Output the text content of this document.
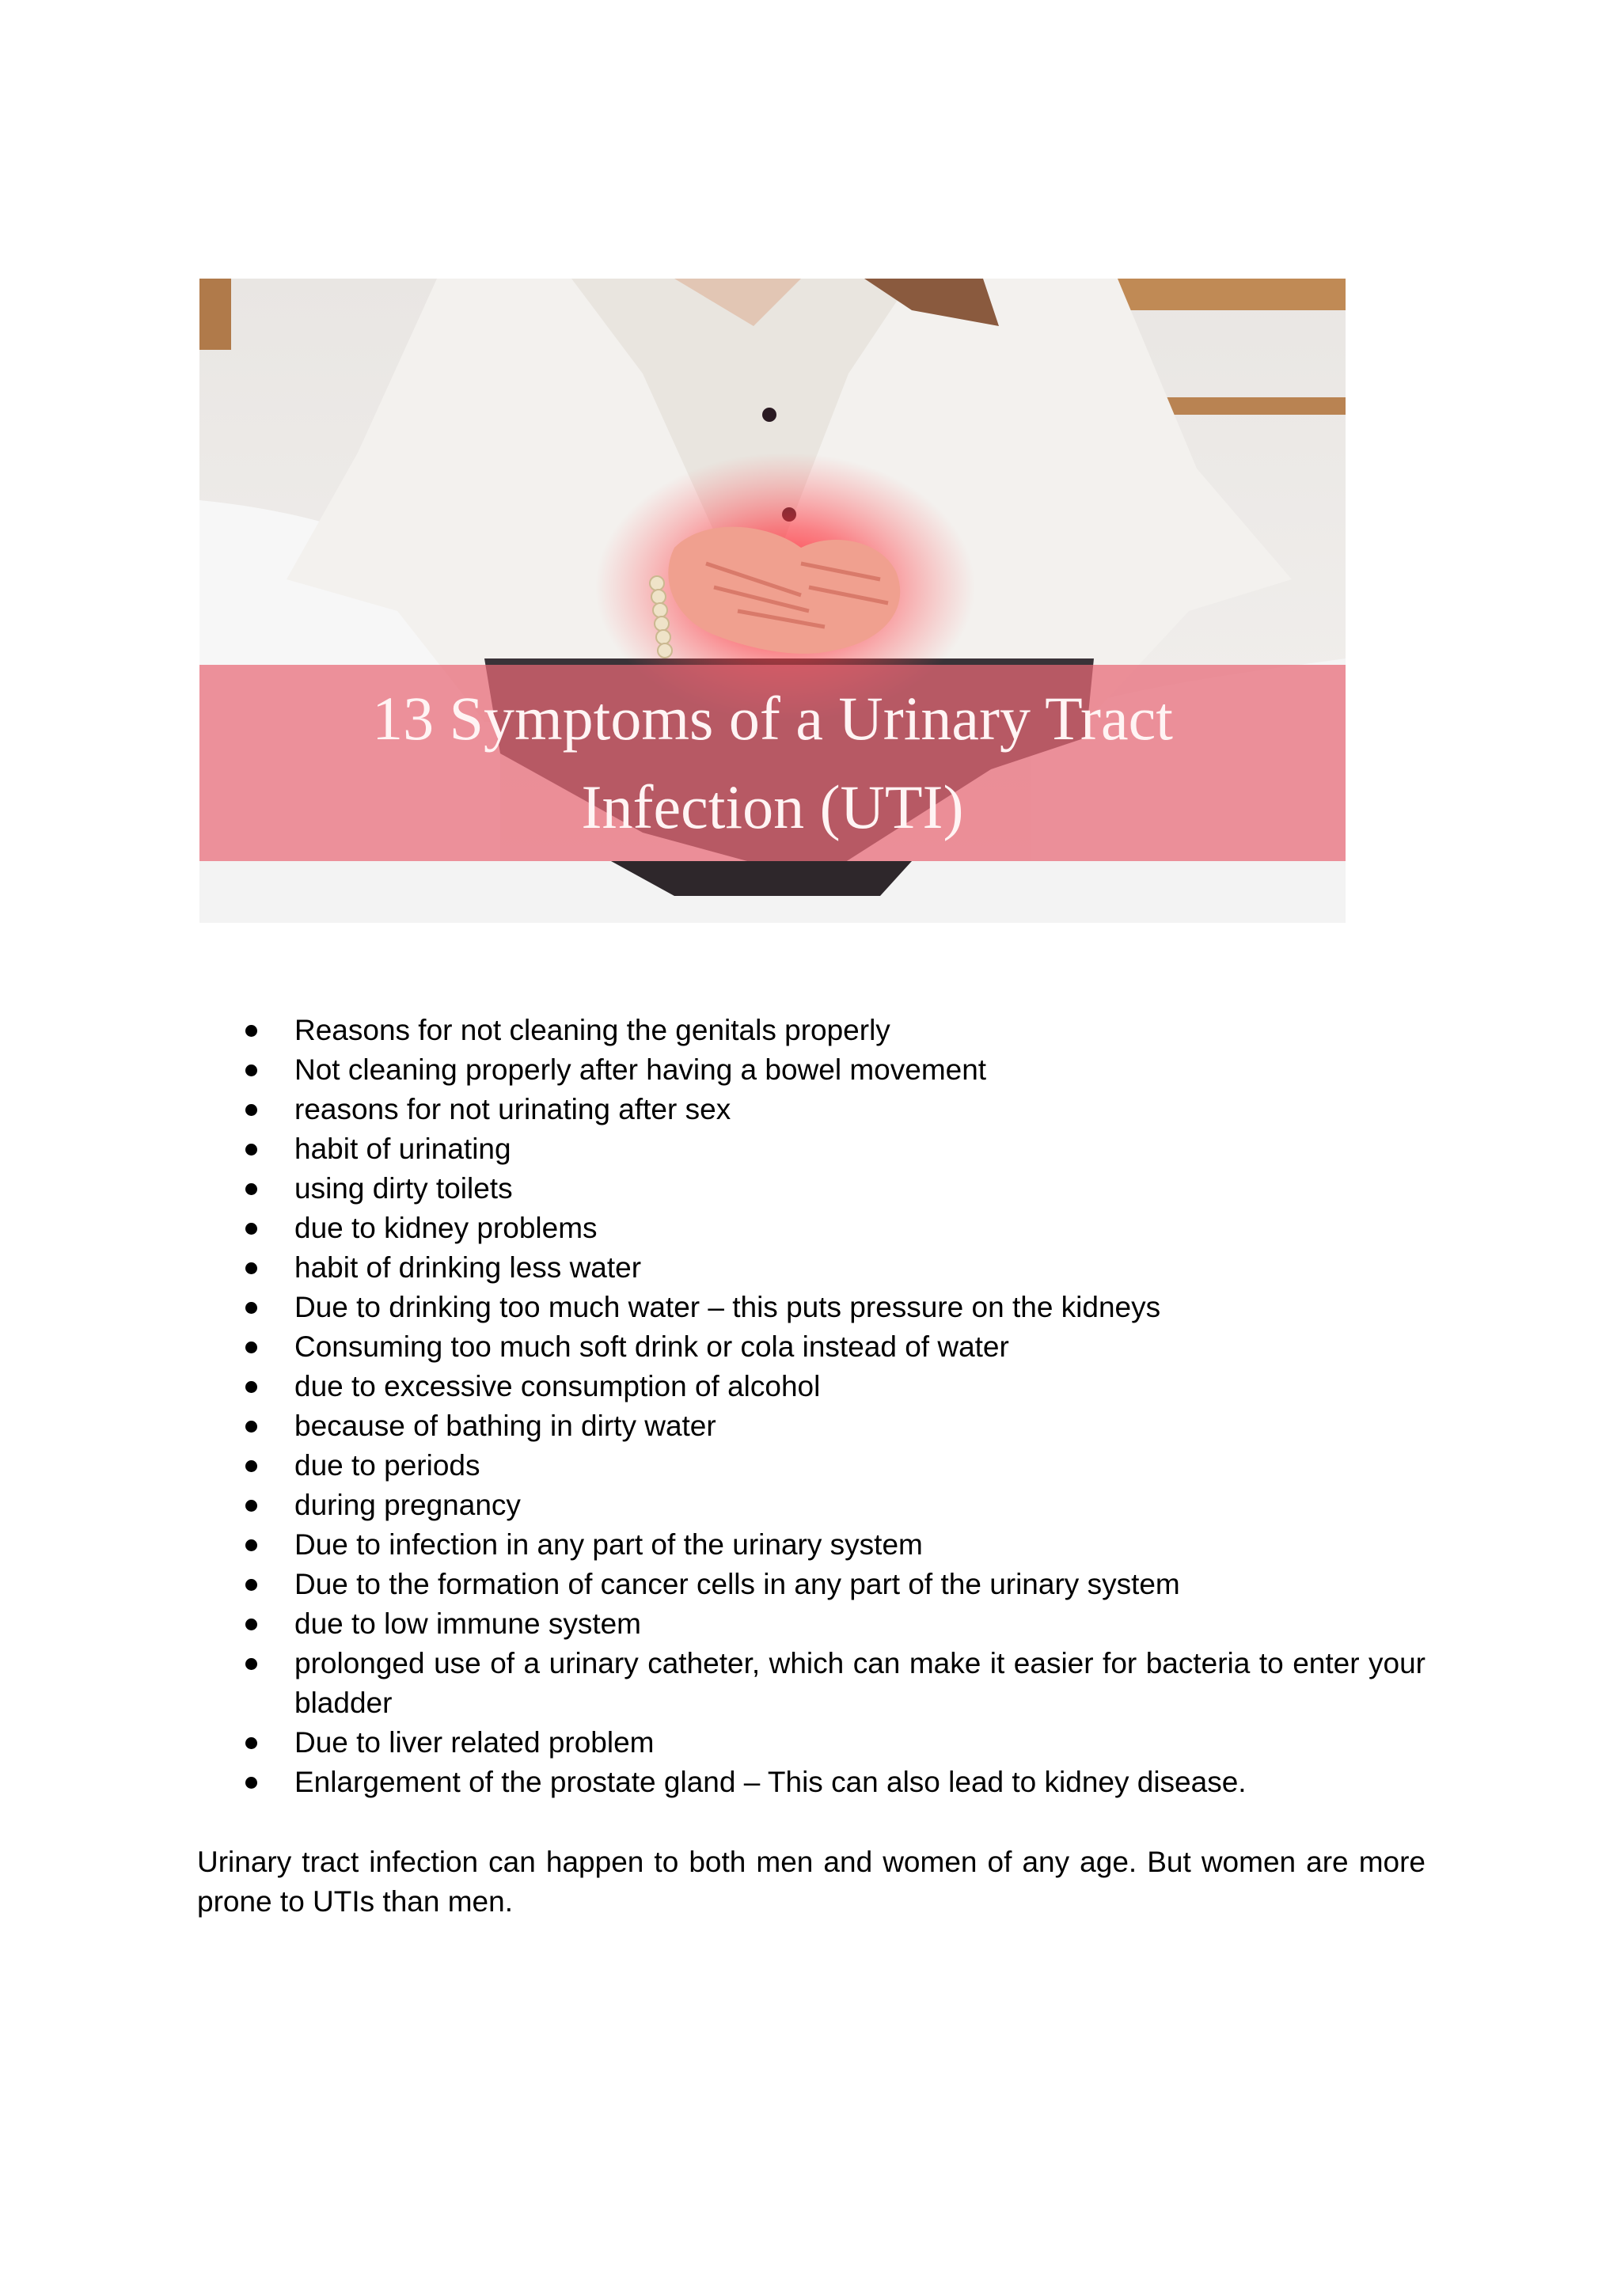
13 Symptoms of a Urinary Tract
Infection (UTI)
Reasons for not cleaning the genitals properly
Not cleaning properly after having a bowel movement
reasons for not urinating after sex
habit of urinating
using dirty toilets
due to kidney problems
habit of drinking less water
Due to drinking too much water – this puts pressure on the kidneys
Consuming too much soft drink or cola instead of water
due to excessive consumption of alcohol
because of bathing in dirty water
due to periods
during pregnancy
Due to infection in any part of the urinary system
Due to the formation of cancer cells in any part of the urinary system
due to low immune system
prolonged use of a urinary catheter, which can make it easier for bacteria to enter your bladder
Due to liver related problem
Enlargement of the prostate gland – This can also lead to kidney disease.

Urinary tract infection can happen to both men and women of any age. But women are more prone to UTIs than men.
